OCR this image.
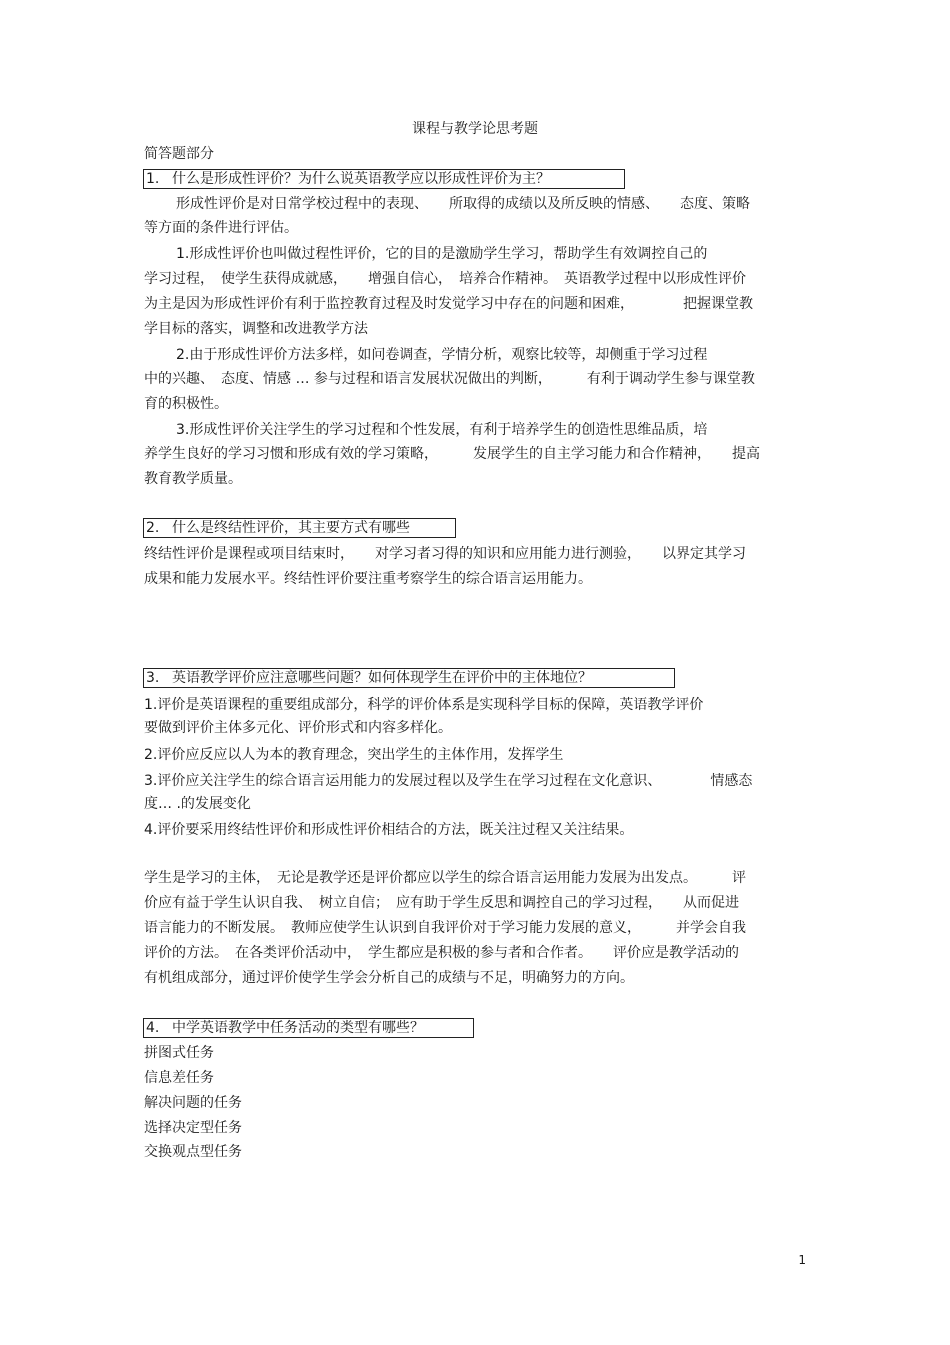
课程与教学论思考题
简答题部分
1. 什么是形成性评价？为什么说英语教学应以形成性评价为主？
形成性评价是对日常学校过程中的表现、　　所取得的成绩以及所反映的情感、　　态度、策略
等方面的条件进行评估。
1.形成性评价也叫做过程性评价，它的目的是激励学生学习，帮助学生有效调控自己的
学习过程，　使学生获得成就感，　　增强自信心，　培养合作精神。　英语教学过程中以形成性评价
为主是因为形成性评价有利于监控教育过程及时发觉学习中存在的问题和困难，　　　　把握课堂教
学目标的落实，调整和改进教学方法
2.由于形成性评价方法多样，如问卷调查，学情分析，观察比较等，却侧重于学习过程
中的兴趣、　态度、情感 … 参与过程和语言发展状况做出的判断，　　　有利于调动学生参与课堂教
育的积极性。
3.形成性评价关注学生的学习过程和个性发展，有利于培养学生的创造性思维品质，培
养学生良好的学习习惯和形成有效的学习策略，　　　发展学生的自主学习能力和合作精神，　　提高
教育教学质量。
2. 什么是终结性评价，其主要方式有哪些
终结性评价是课程或项目结束时，　　对学习者习得的知识和应用能力进行测验，　　以界定其学习
成果和能力发展水平。终结性评价要注重考察学生的综合语言运用能力。
3. 英语教学评价应注意哪些问题？如何体现学生在评价中的主体地位？
1.评价是英语课程的重要组成部分，科学的评价体系是实现科学目标的保障，英语教学评价
要做到评价主体多元化、评价形式和内容多样化。
2.评价应反应以人为本的教育理念，突出学生的主体作用，发挥学生
3.评价应关注学生的综合语言运用能力的发展过程以及学生在学习过程在文化意识、　　　　情感态
度… .的发展变化
4.评价要采用终结性评价和形成性评价相结合的方法，既关注过程又关注结果。
学生是学习的主体，　无论是教学还是评价都应以学生的综合语言运用能力发展为出发点。　　　评
价应有益于学生认识自我、　树立自信；　应有助于学生反思和调控自己的学习过程，　　从而促进
语言能力的不断发展。　教师应使学生认识到自我评价对于学习能力发展的意义，　　　并学会自我
评价的方法。　在各类评价活动中，　学生都应是积极的参与者和合作者。　　评价应是教学活动的
有机组成部分，通过评价使学生学会分析自己的成绩与不足，明确努力的方向。
4. 中学英语教学中任务活动的类型有哪些？
拼图式任务
信息差任务
解决问题的任务
选择决定型任务
交换观点型任务
1
